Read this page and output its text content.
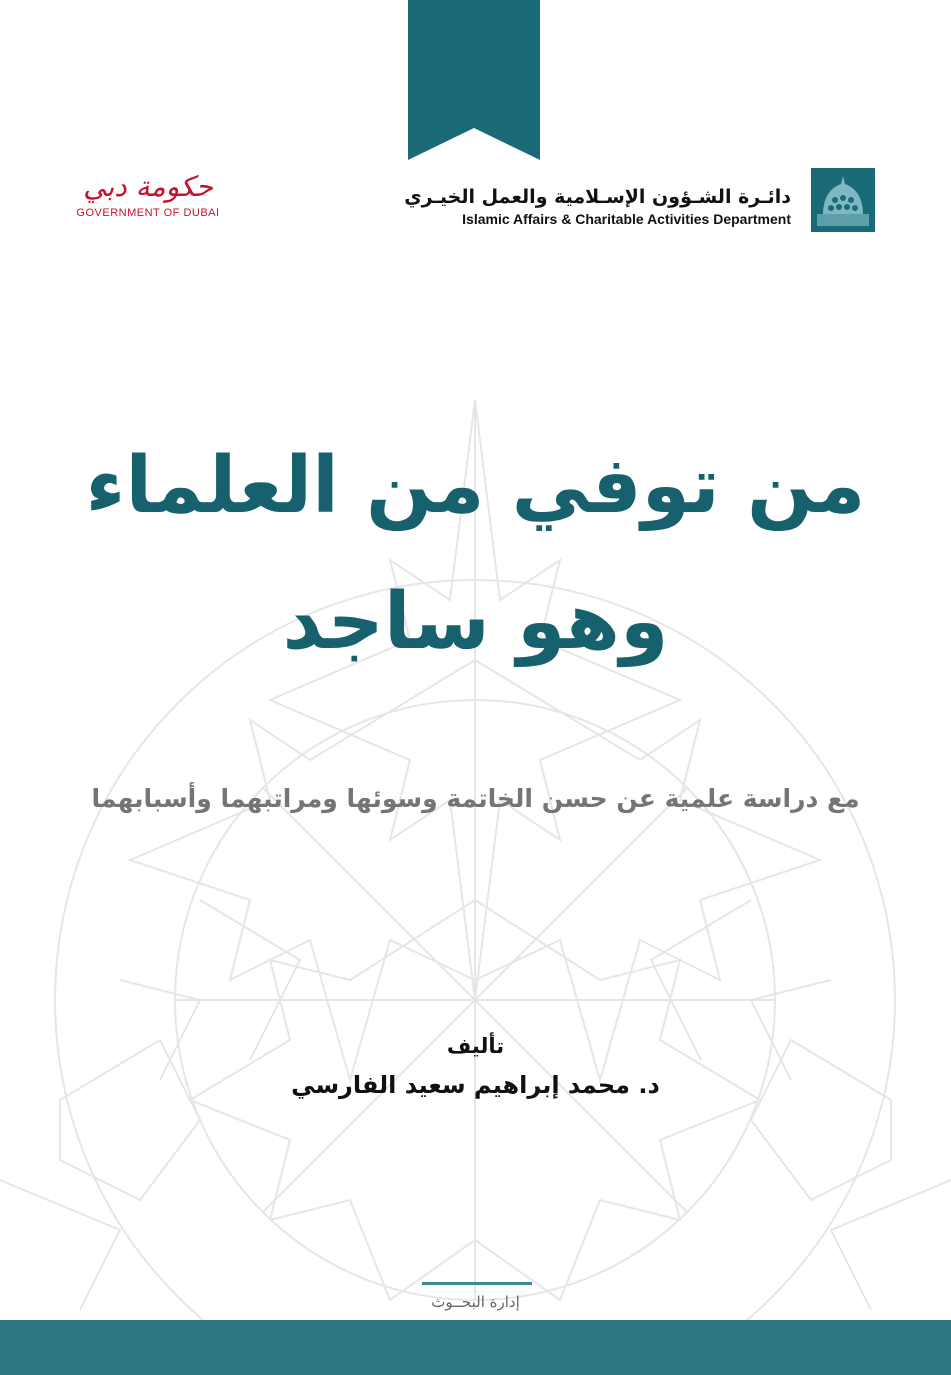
حكومة دبي
GOVERNMENT OF DUBAI
دائـرة الشـؤون الإسـلامية والعمل الخيـري
Islamic Affairs & Charitable Activities Department
من توفي من العلماء
وهو ساجد
مع دراسة علمية عن حسن الخاتمة وسوئها ومراتبهما وأسبابهما
تأليف
د. محمد إبراهيم سعيد الفارسي
إدارة البحــوث
